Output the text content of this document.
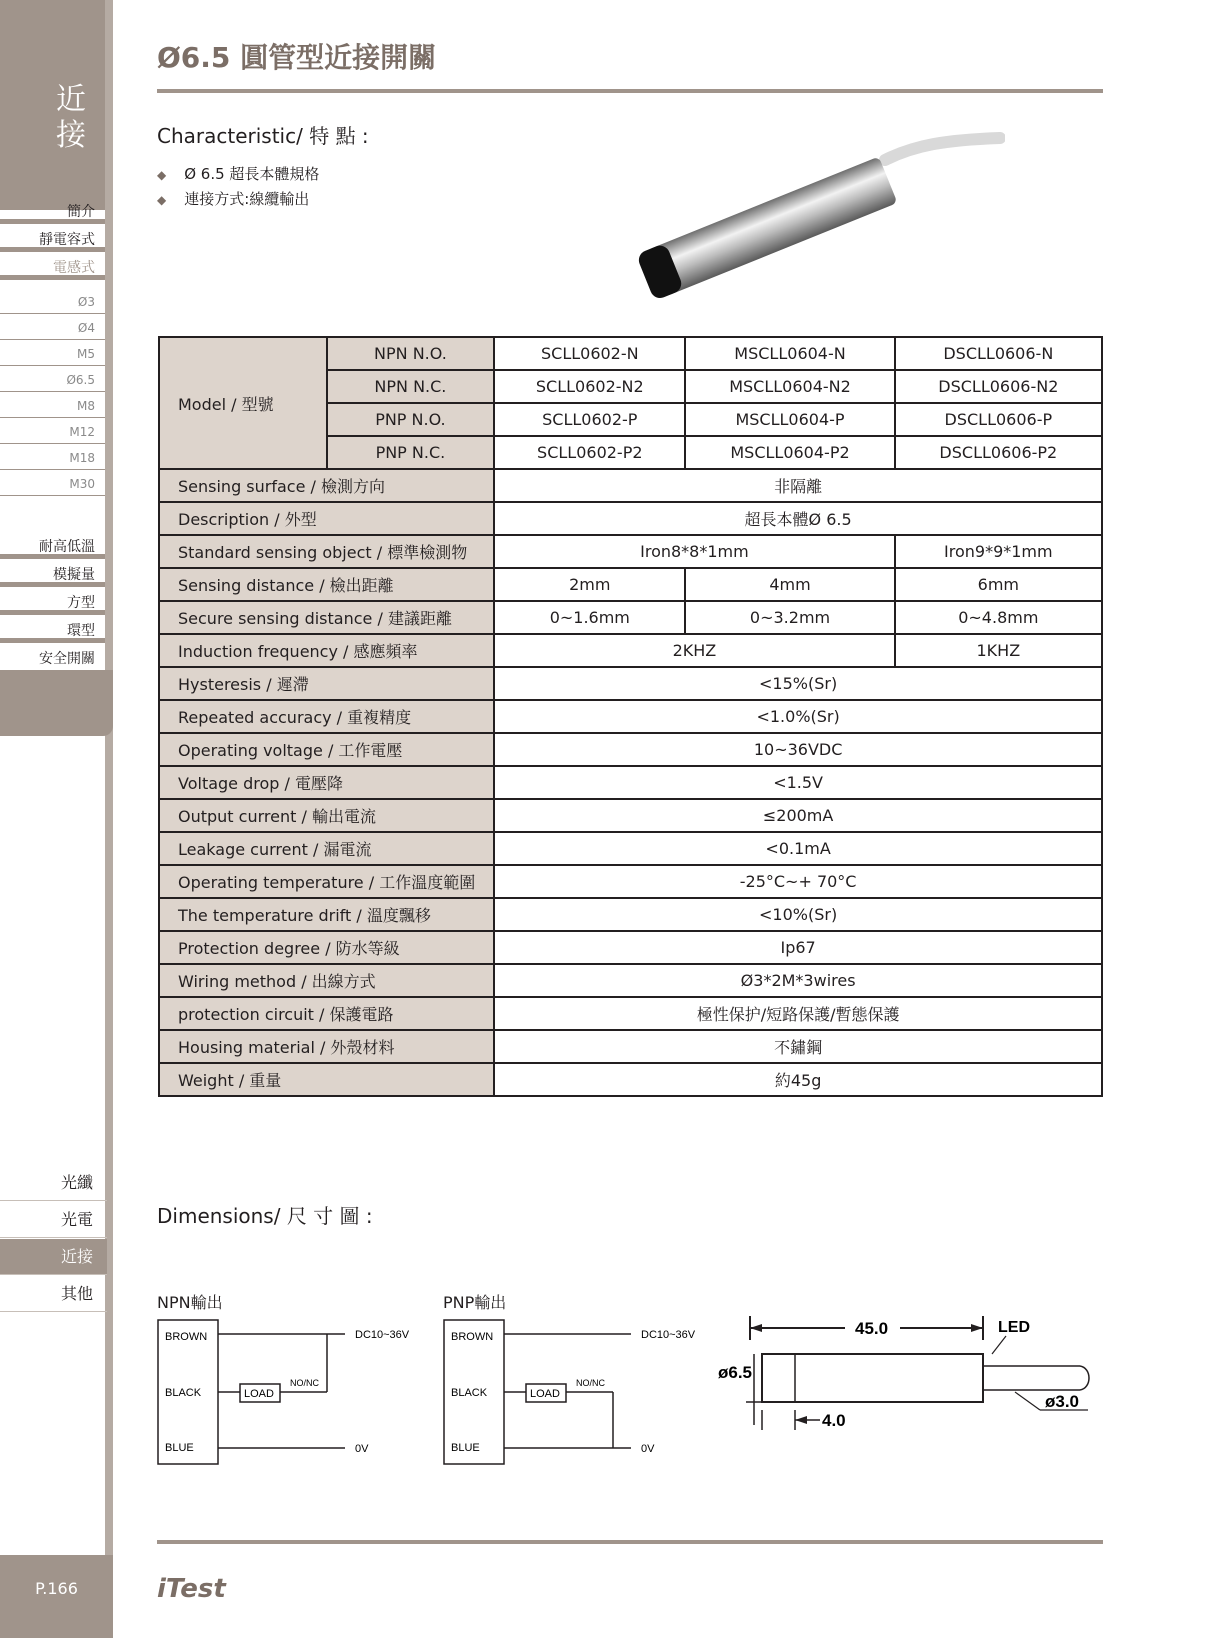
近
接
簡介
靜電容式
電感式
Ø3
Ø4
M5
Ø6.5
M8
M12
M18
M30
耐高低溫
模擬量
方型
環型
安全開關
光纖
光電
近接
其他
P.166
Ø6.5 圓管型近接開關
Characteristic/ 特 點 :
◆ Ø 6.5 超長本體規格
◆ 連接方式:線纜輸出
Model / 型號	NPN N.O.	SCLL0602-N	MSCLL0604-N	DSCLL0606-N
	NPN N.C.	SCLL0602-N2	MSCLL0604-N2	DSCLL0606-N2
	PNP N.O.	SCLL0602-P	MSCLL0604-P	DSCLL0606-P
	PNP N.C.	SCLL0602-P2	MSCLL0604-P2	DSCLL0606-P2
Sensing surface / 檢測方向		非隔離		
Description / 外型		超長本體Ø 6.5		
Standard sensing object / 標準檢測物		Iron8*8*1mm		Iron9*9*1mm
Sensing distance / 檢出距離		2mm	4mm	6mm
Secure sensing distance / 建議距離		0~1.6mm	0~3.2mm	0~4.8mm
Induction frequency / 感應頻率		2KHZ		1KHZ
Hysteresis / 遲滯		<15%(Sr)		
Repeated accuracy / 重複精度		<1.0%(Sr)		
Operating voltage / 工作電壓		10~36VDC		
Voltage drop / 電壓降		<1.5V		
Output current / 輸出電流		≤200mA		
Leakage current / 漏電流		<0.1mA		
Operating temperature / 工作溫度範圍		-25°C~+ 70°C		
The temperature drift / 溫度飄移		<10%(Sr)		
Protection degree / 防水等級		Ip67		
Wiring method / 出線方式		Ø3*2M*3wires		
protection circuit / 保護電路		極性保护/短路保護/暫態保護		
Housing material / 外殼材料		不鏽鋼		
Weight / 重量		約45g		
Dimensions/ 尺 寸 圖 :
NPN輸出	PNP輸出
BROWN
BLACK
BLUE
DC10~36V
LOAD
NO/NC
0V
BROWN
BLACK
BLUE
DC10~36V
LOAD
NO/NC
0V
45.0	LED
ø6.5
4.0
ø3.0
iTest
